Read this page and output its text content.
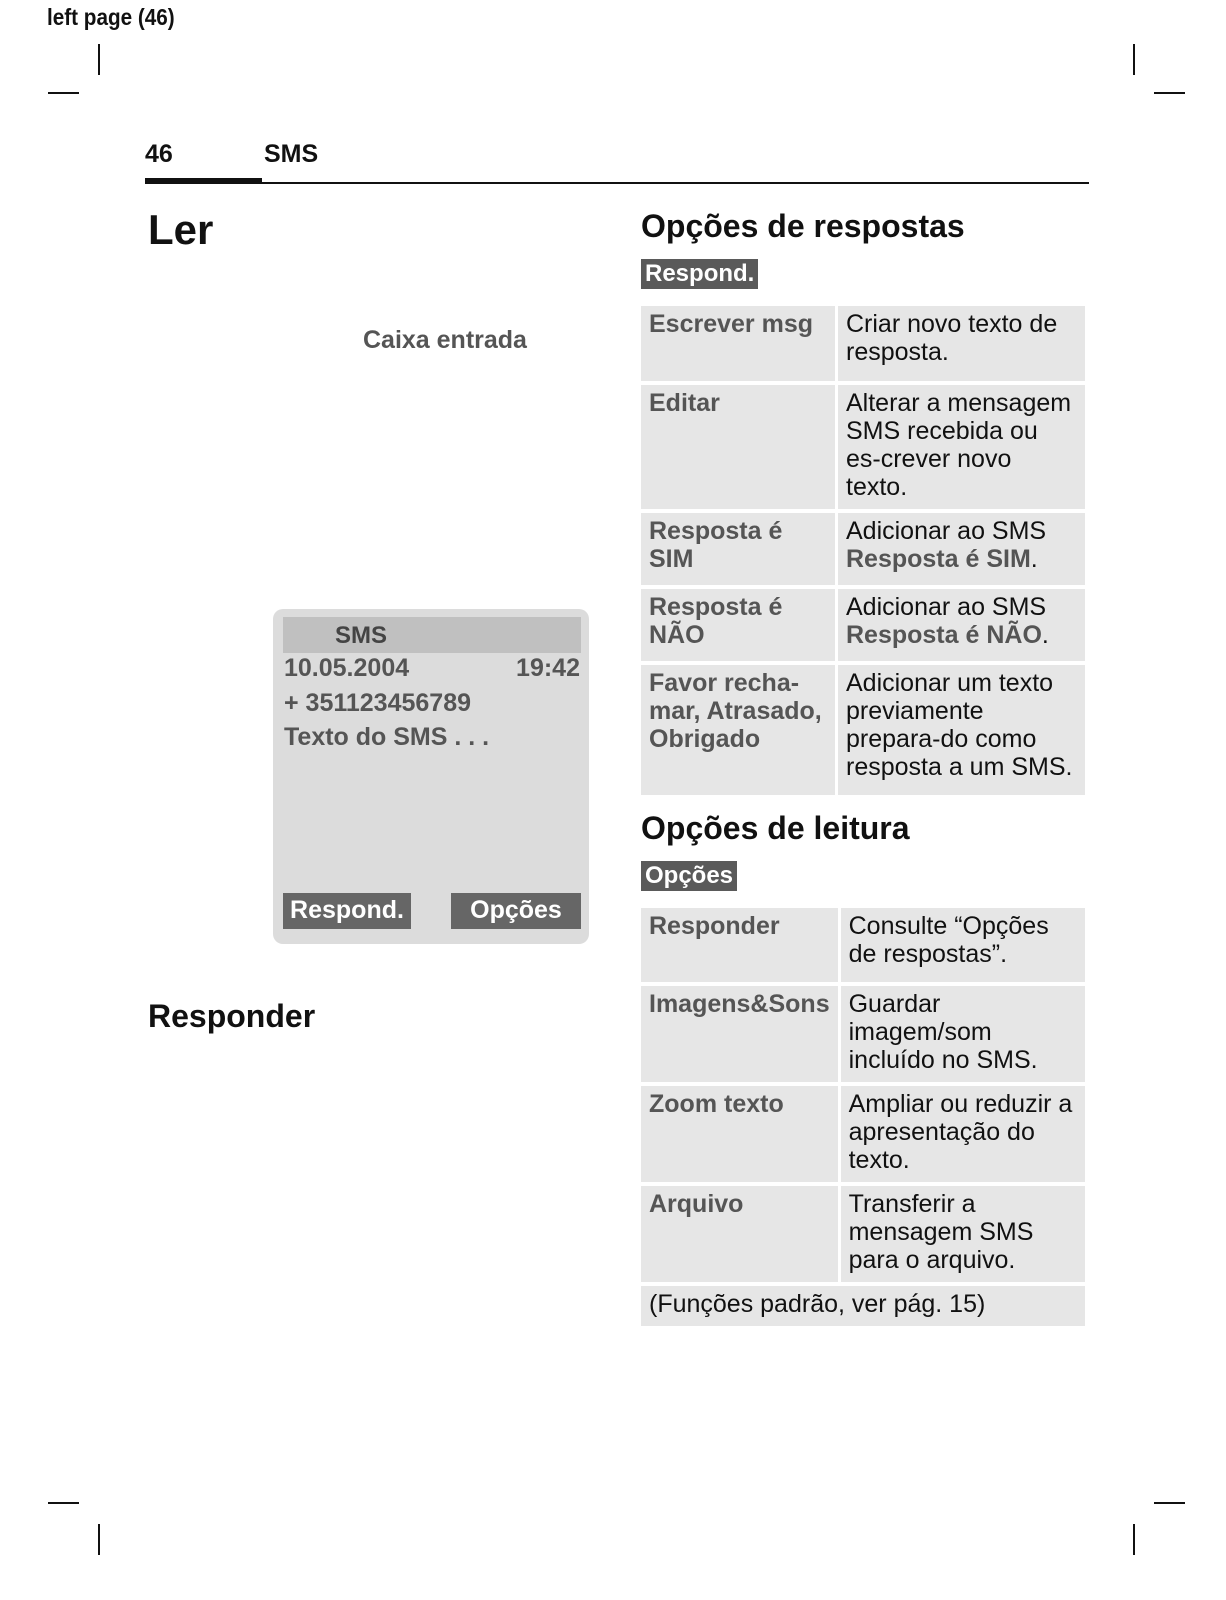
left page (46)
46	SMS
Ler
Caixa entrada
SMS
10.05.2004	19:42
+ 351123456789
Texto do SMS . . .
Respond.	Opções
Responder
Opções de respostas
Respond.
Escrever msg	Criar novo texto de resposta.
Editar	Alterar a mensagem SMS recebida ou es-crever novo texto.
Resposta é SIM	Adicionar ao SMS Resposta é SIM.
Resposta é NÃO	Adicionar ao SMS Resposta é NÃO.
Favor recha-mar, Atrasado, Obrigado	Adicionar um texto previamente prepara-do como resposta a um SMS.
Opções de leitura
Opções
Responder	Consulte “Opções de respostas”.
Imagens&Sons	Guardar imagem/som incluído no SMS.
Zoom texto	Ampliar ou reduzir a apresentação do texto.
Arquivo	Transferir a mensagem SMS para o arquivo.
(Funções padrão, ver pág. 15)	
